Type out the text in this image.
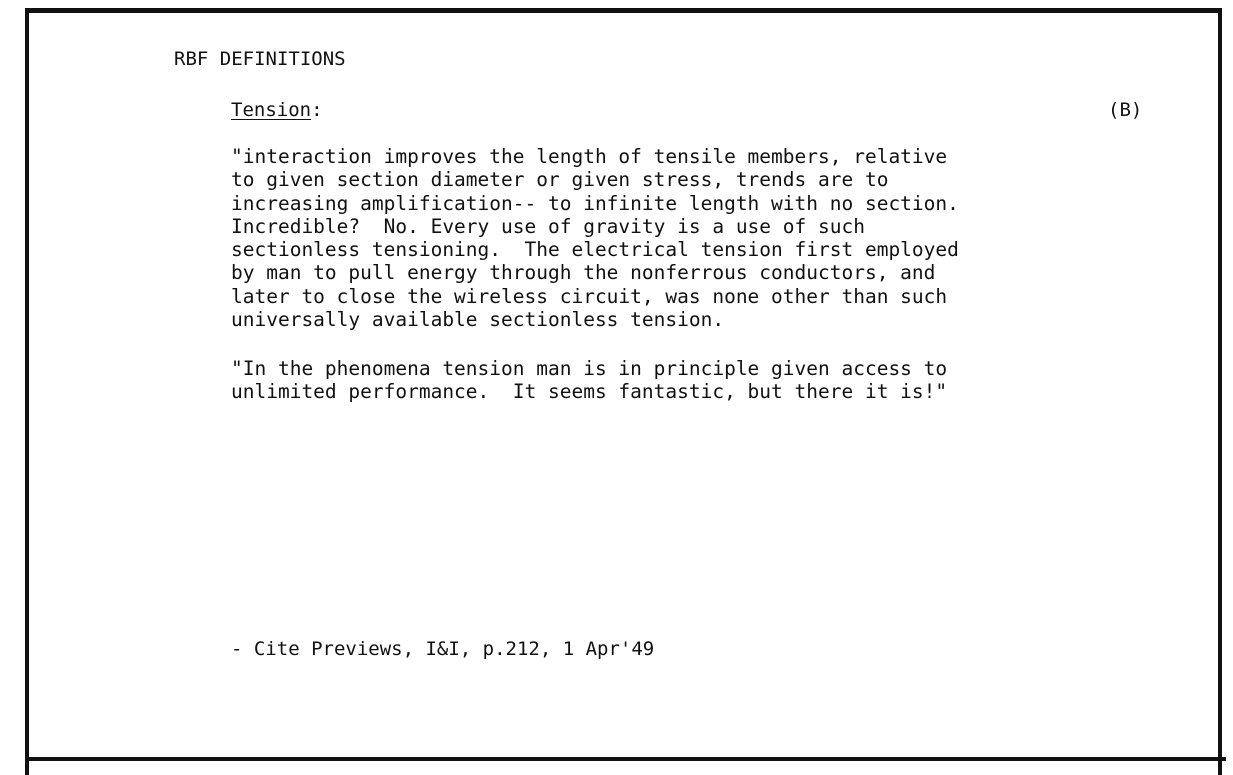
RBF DEFINITIONS

Tension:	(B)

"interaction improves the length of tensile members, relative
to given section diameter or given stress, trends are to
increasing amplification-- to infinite length with no section.
Incredible?  No. Every use of gravity is a use of such
sectionless tensioning.  The electrical tension first employed
by man to pull energy through the nonferrous conductors, and
later to close the wireless circuit, was none other than such
universally available sectionless tension.

"In the phenomena tension man is in principle given access to
unlimited performance.  It seems fantastic, but there it is!"

- Cite Previews, I&I, p.212, 1 Apr'49
